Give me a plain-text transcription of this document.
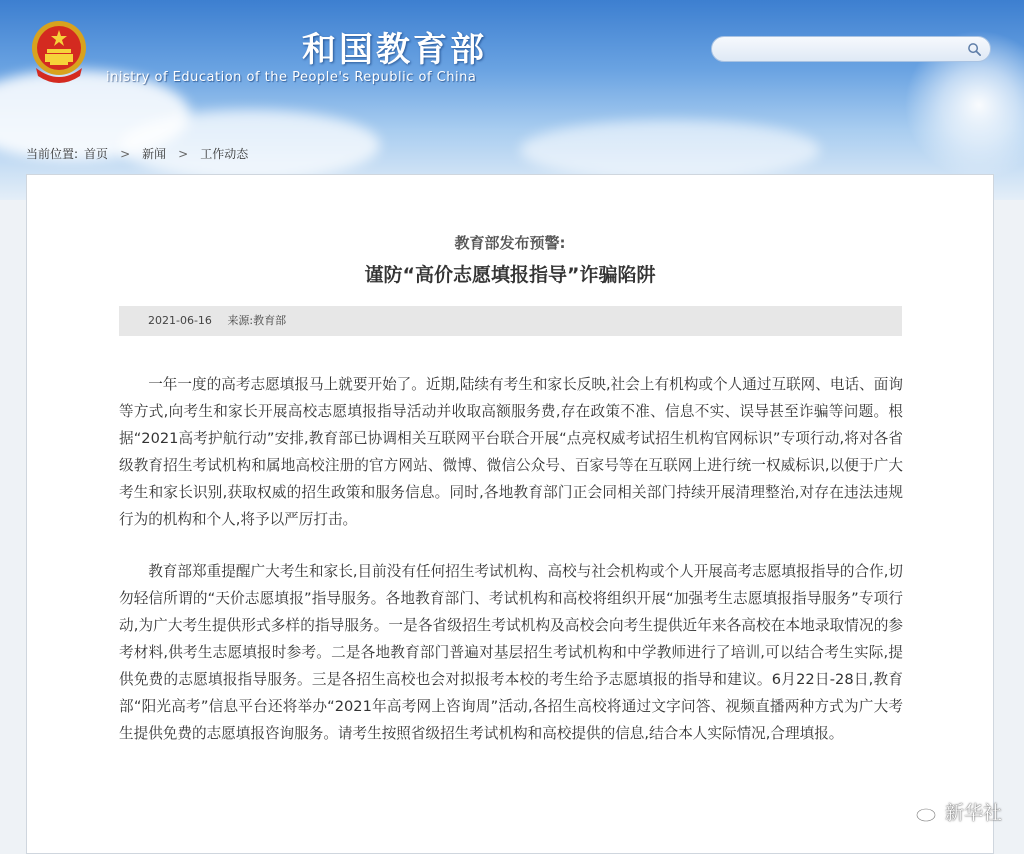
和国教育部
inistry of Education of the People's Republic of China
当前位置: 首页 > 新闻 > 工作动态
教育部发布预警:
谨防“高价志愿填报指导”诈骗陷阱
2021-06-16 来源:教育部

一年一度的高考志愿填报马上就要开始了。近期,陆续有考生和家长反映,社会上有机构或个人通过互联网、电话、面询等方式,向考生和家长开展高校志愿填报指导活动并收取高额服务费,存在政策不准、信息不实、误导甚至诈骗等问题。根据“2021高考护航行动”安排,教育部已协调相关互联网平台联合开展“点亮权威考试招生机构官网标识”专项行动,将对各省级教育招生考试机构和属地高校注册的官方网站、微博、微信公众号、百家号等在互联网上进行统一权威标识,以便于广大考生和家长识别,获取权威的招生政策和服务信息。同时,各地教育部门正会同相关部门持续开展清理整治,对存在违法违规行为的机构和个人,将予以严厉打击。

教育部郑重提醒广大考生和家长,目前没有任何招生考试机构、高校与社会机构或个人开展高考志愿填报指导的合作,切勿轻信所谓的“天价志愿填报”指导服务。各地教育部门、考试机构和高校将组织开展“加强考生志愿填报指导服务”专项行动,为广大考生提供形式多样的指导服务。一是各省级招生考试机构及高校会向考生提供近年来各高校在本地录取情况的参考材料,供考生志愿填报时参考。二是各地教育部门普遍对基层招生考试机构和中学教师进行了培训,可以结合考生实际,提供免费的志愿填报指导服务。三是各招生高校也会对拟报考本校的考生给予志愿填报的指导和建议。6月22日-28日,教育部“阳光高考”信息平台还将举办“2021年高考网上咨询周”活动,各招生高校将通过文字问答、视频直播两种方式为广大考生提供免费的志愿填报咨询服务。请考生按照省级招生考试机构和高校提供的信息,结合本人实际情况,合理填报。

新华社
